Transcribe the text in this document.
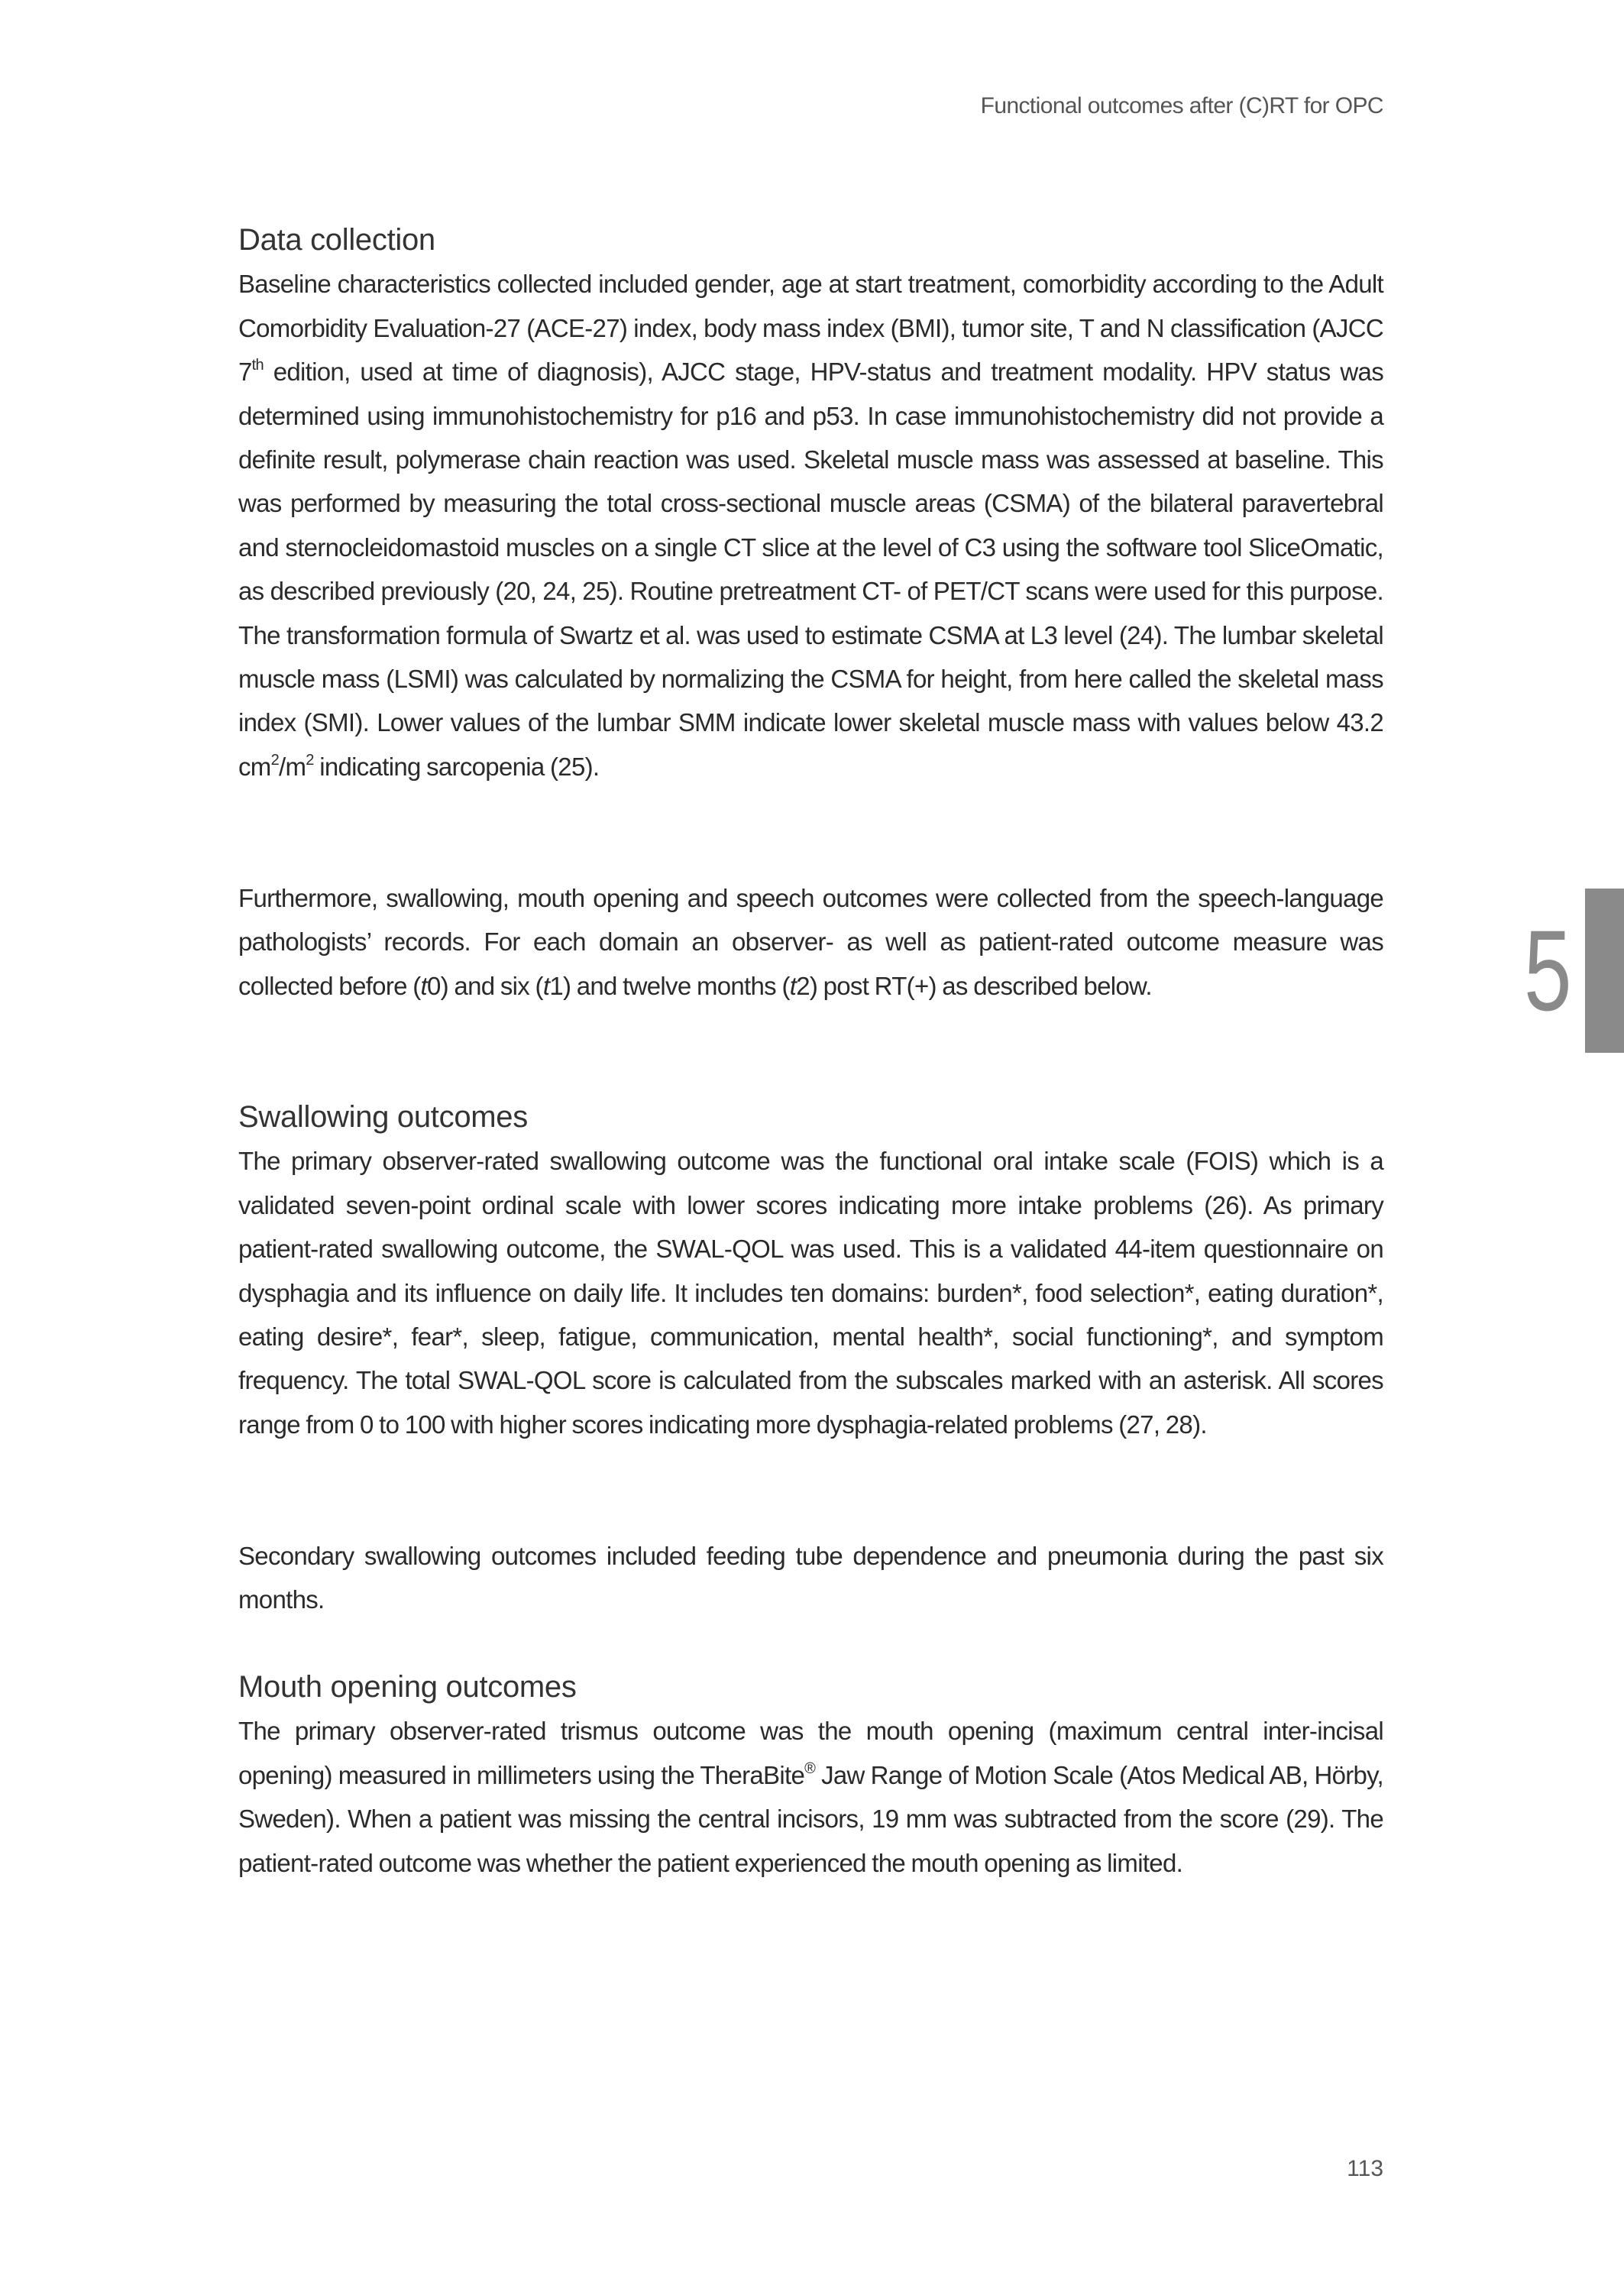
Functional outcomes after (C)RT for OPC
Data collection

Baseline characteristics collected included gender, age at start treatment, comorbidity according to the Adult Comorbidity Evaluation-27 (ACE-27) index, body mass index (BMI), tumor site, T and N classification (AJCC 7th edition, used at time of diagnosis), AJCC stage, HPV-status and treatment modality. HPV status was determined using immunohistochemistry for p16 and p53. In case immunohistochemistry did not provide a definite result, polymerase chain reaction was used. Skeletal muscle mass was assessed at baseline. This was performed by measuring the total cross-sectional muscle areas (CSMA) of the bilateral paravertebral and sternocleidomastoid muscles on a single CT slice at the level of C3 using the software tool SliceOmatic, as described previously (20, 24, 25). Routine pretreatment CT- of PET/CT scans were used for this purpose. The transformation formula of Swartz et al. was used to estimate CSMA at L3 level (24). The lumbar skeletal muscle mass (LSMI) was calculated by normalizing the CSMA for height, from here called the skeletal mass index (SMI). Lower values of the lumbar SMM indicate lower skeletal muscle mass with values below 43.2 $cm^2/m^2$ indicating sarcopenia (25).

Furthermore, swallowing, mouth opening and speech outcomes were collected from the speech-language pathologists’ records. For each domain an observer- as well as patient-rated outcome measure was collected before (t0) and six (t1) and twelve months (t2) post RT(+) as described below.

Swallowing outcomes

The primary observer-rated swallowing outcome was the functional oral intake scale (FOIS) which is a validated seven-point ordinal scale with lower scores indicating more intake problems (26). As primary patient-rated swallowing outcome, the SWAL-QOL was used. This is a validated 44-item questionnaire on dysphagia and its influence on daily life. It includes ten domains: burden*, food selection*, eating duration*, eating desire*, fear*, sleep, fatigue, communication, mental health*, social functioning*, and symptom frequency. The total SWAL-QOL score is calculated from the subscales marked with an asterisk. All scores range from 0 to 100 with higher scores indicating more dysphagia-related problems (27, 28).

Secondary swallowing outcomes included feeding tube dependence and pneumonia during the past six months.

Mouth opening outcomes

The primary observer-rated trismus outcome was the mouth opening (maximum central inter-incisal opening) measured in millimeters using the TheraBite® Jaw Range of Motion Scale (Atos Medical AB, Hörby, Sweden). When a patient was missing the central incisors, 19 mm was subtracted from the score (29). The patient-rated outcome was whether the patient experienced the mouth opening as limited.

5
113
